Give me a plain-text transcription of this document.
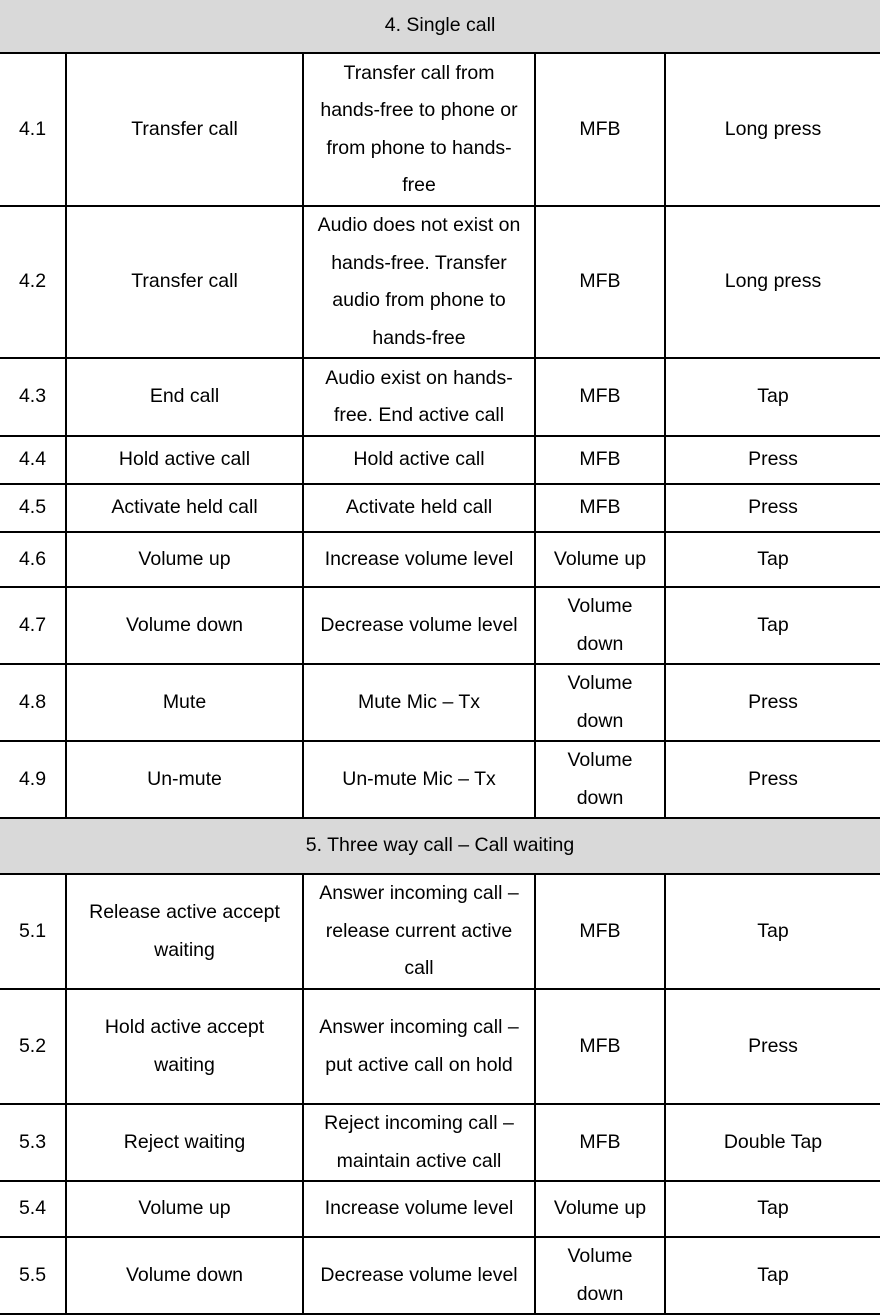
4. Single call				
4.1	Transfer call	Transfer call from hands-free to phone or from phone to hands-free	MFB	Long press
4.2	Transfer call	Audio does not exist on hands-free. Transfer audio from phone to hands-free	MFB	Long press
4.3	End call	Audio exist on hands-free. End active call	MFB	Tap
4.4	Hold active call	Hold active call	MFB	Press
4.5	Activate held call	Activate held call	MFB	Press
4.6	Volume up	Increase volume level	Volume up	Tap
4.7	Volume down	Decrease volume level	Volume down	Tap
4.8	Mute	Mute Mic – Tx	Volume down	Press
4.9	Un-mute	Un-mute Mic – Tx	Volume down	Press
5. Three way call – Call waiting				
5.1	Release active accept waiting	Answer incoming call – release current active call	MFB	Tap
5.2	Hold active accept waiting	Answer incoming call – put active call on hold	MFB	Press
5.3	Reject waiting	Reject incoming call – maintain active call	MFB	Double Tap
5.4	Volume up	Increase volume level	Volume up	Tap
5.5	Volume down	Decrease volume level	Volume down	Tap
